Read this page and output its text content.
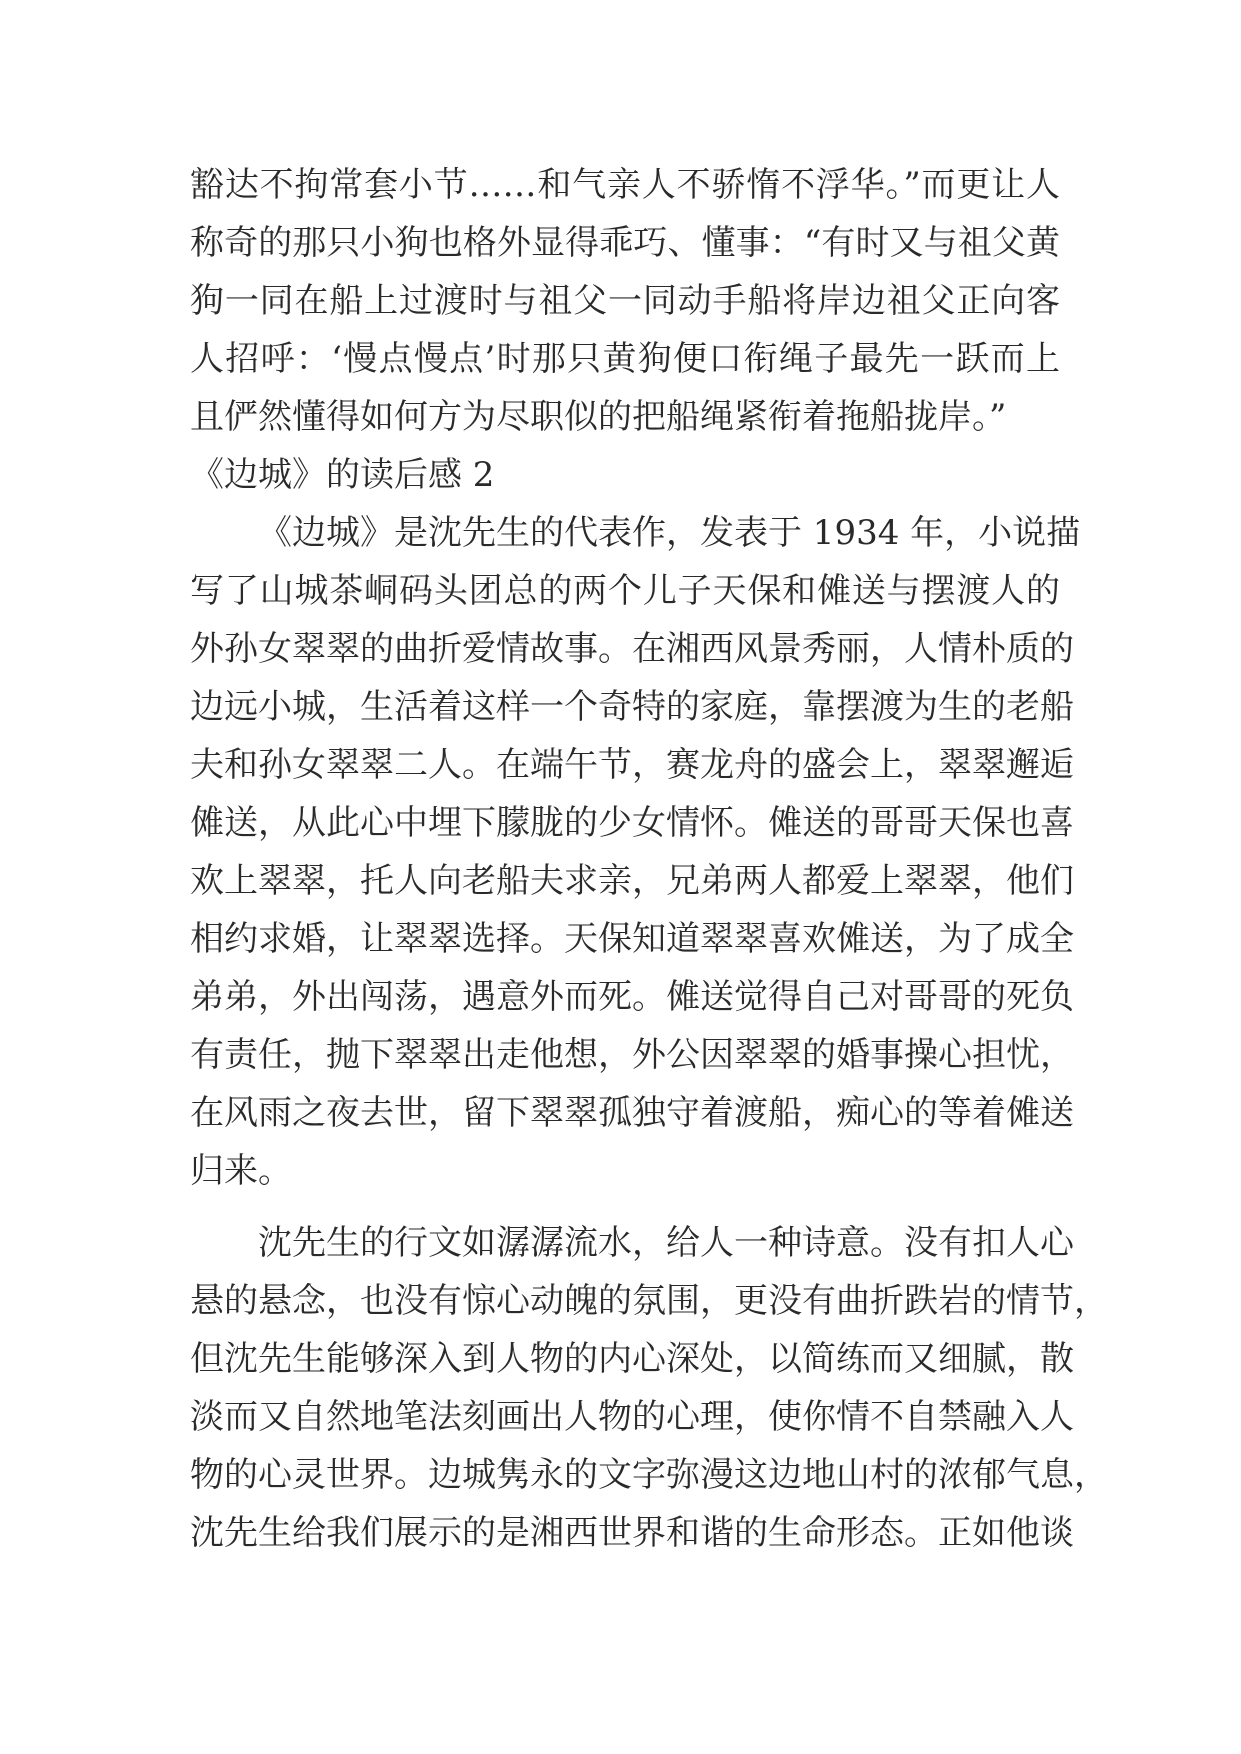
豁达不拘常套小节……和气亲人不骄惰不浮华。”而更让人
称奇的那只小狗也格外显得乖巧、懂事：“有时又与祖父黄
狗一同在船上过渡时与祖父一同动手船将岸边祖父正向客
人招呼：‘慢点慢点’时那只黄狗便口衔绳子最先一跃而上
且俨然懂得如何方为尽职似的把船绳紧衔着拖船拢岸。”
《边城》的读后感 2
《边城》是沈先生的代表作，发表于 1934 年，小说描
写了山城茶峒码头团总的两个儿子天保和傩送与摆渡人的
外孙女翠翠的曲折爱情故事。在湘西风景秀丽，人情朴质的
边远小城，生活着这样一个奇特的家庭，靠摆渡为生的老船
夫和孙女翠翠二人。在端午节，赛龙舟的盛会上，翠翠邂逅
傩送，从此心中埋下朦胧的少女情怀。傩送的哥哥天保也喜
欢上翠翠，托人向老船夫求亲，兄弟两人都爱上翠翠，他们
相约求婚，让翠翠选择。天保知道翠翠喜欢傩送，为了成全
弟弟，外出闯荡，遇意外而死。傩送觉得自己对哥哥的死负
有责任，抛下翠翠出走他想，外公因翠翠的婚事操心担忧，
在风雨之夜去世，留下翠翠孤独守着渡船，痴心的等着傩送
归来。
沈先生的行文如潺潺流水，给人一种诗意。没有扣人心
悬的悬念，也没有惊心动魄的氛围，更没有曲折跌岩的情节，
但沈先生能够深入到人物的内心深处，以简练而又细腻，散
淡而又自然地笔法刻画出人物的心理，使你情不自禁融入人
物的心灵世界。边城隽永的文字弥漫这边地山村的浓郁气息，
沈先生给我们展示的是湘西世界和谐的生命形态。正如他谈
